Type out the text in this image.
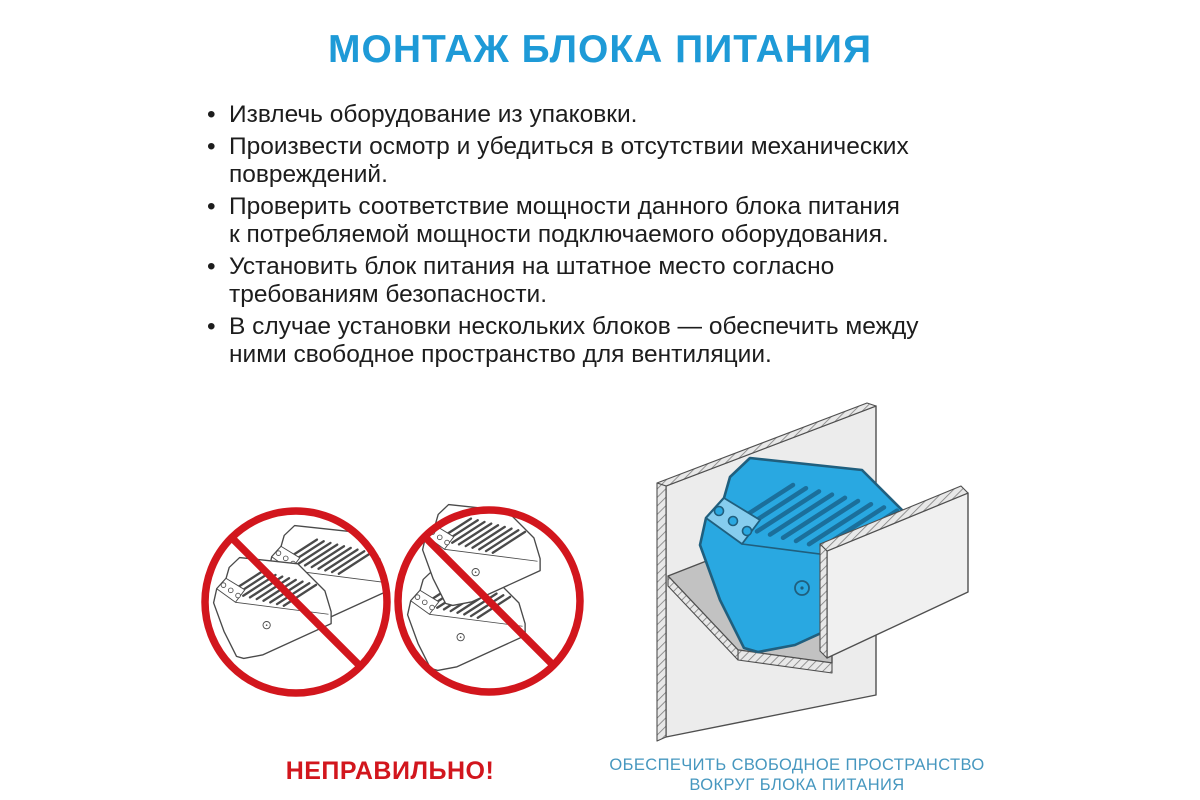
МОНТАЖ БЛОКА ПИТАНИЯ
• Извлечь оборудование из упаковки.
• Произвести осмотр и убедиться в отсутствии механических
повреждений.
• Проверить соответствие мощности данного блока питания
к потребляемой мощности подключаемого оборудования.
• Установить блок питания на штатное место согласно
требованиям безопасности.
• В случае установки нескольких блоков — обеспечить между
ними свободное пространство для вентиляции.
НЕПРАВИЛЬНО!	ОБЕСПЕЧИТЬ СВОБОДНОЕ ПРОСТРАНСТВО
ВОКРУГ БЛОКА ПИТАНИЯ
